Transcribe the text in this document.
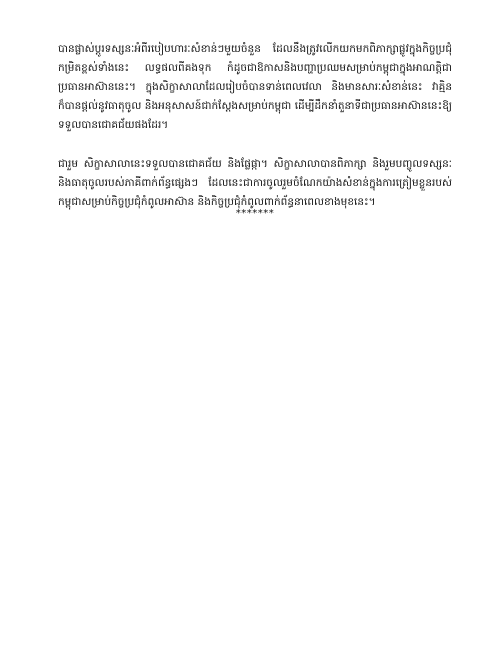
បានផ្លាស់ប្តូរទស្សនៈអំពីរបៀបហារៈសំខាន់ៗមួយចំនួន ដែលនឹងត្រូវលើកយកមកពិភាក្សាផ្លូវក្នុងកិច្ចប្រជុំកម្រិតខ្ពស់ទាំងនេះ លទ្ធផលពីគងទុក កំដូចជាឱកាសនិងបញ្ហាប្រឈមសម្រាប់កម្ពុជាក្នុងអាណត្តិជាប្រធានអាស៊ាននេះ។ ក្នុងសិក្ខាសាលាដែលរៀបចំបានទាន់ពេលវេលា និងមានសារៈសំខាន់នេះ វាគ្មិនក៏បានផ្តល់នូវធាតុចូល និងអនុសាសន៍ជាក់ស្តែងសម្រាប់កម្ពុជា ដើម្បីដឹកនាំតួនាទីជាប្រធានអាស៊ាននេះឱ្យទទួលបានជោគជ័យផងដែរ។

ជារួម សិក្ខាសាលានេះទទួលបានជោគជ័យ និងផ្លែផ្កា។ សិក្ខាសាលាបានពិភាក្សា និងរួមបញ្ចូលទស្សនៈ និងធាតុចូលរបស់ភាគីពាក់ព័ន្ធផ្សេងៗ ដែលនេះជាការចូលរួមចំណែកយ៉ាងសំខាន់ក្នុងការត្រៀមខ្លួនរបស់កម្ពុជាសម្រាប់កិច្ចប្រជុំកំពូលអាស៊ាន និងកិច្ចប្រជុំកំពូលពាក់ព័ន្ធនាពេលខាងមុខនេះ។

*******
